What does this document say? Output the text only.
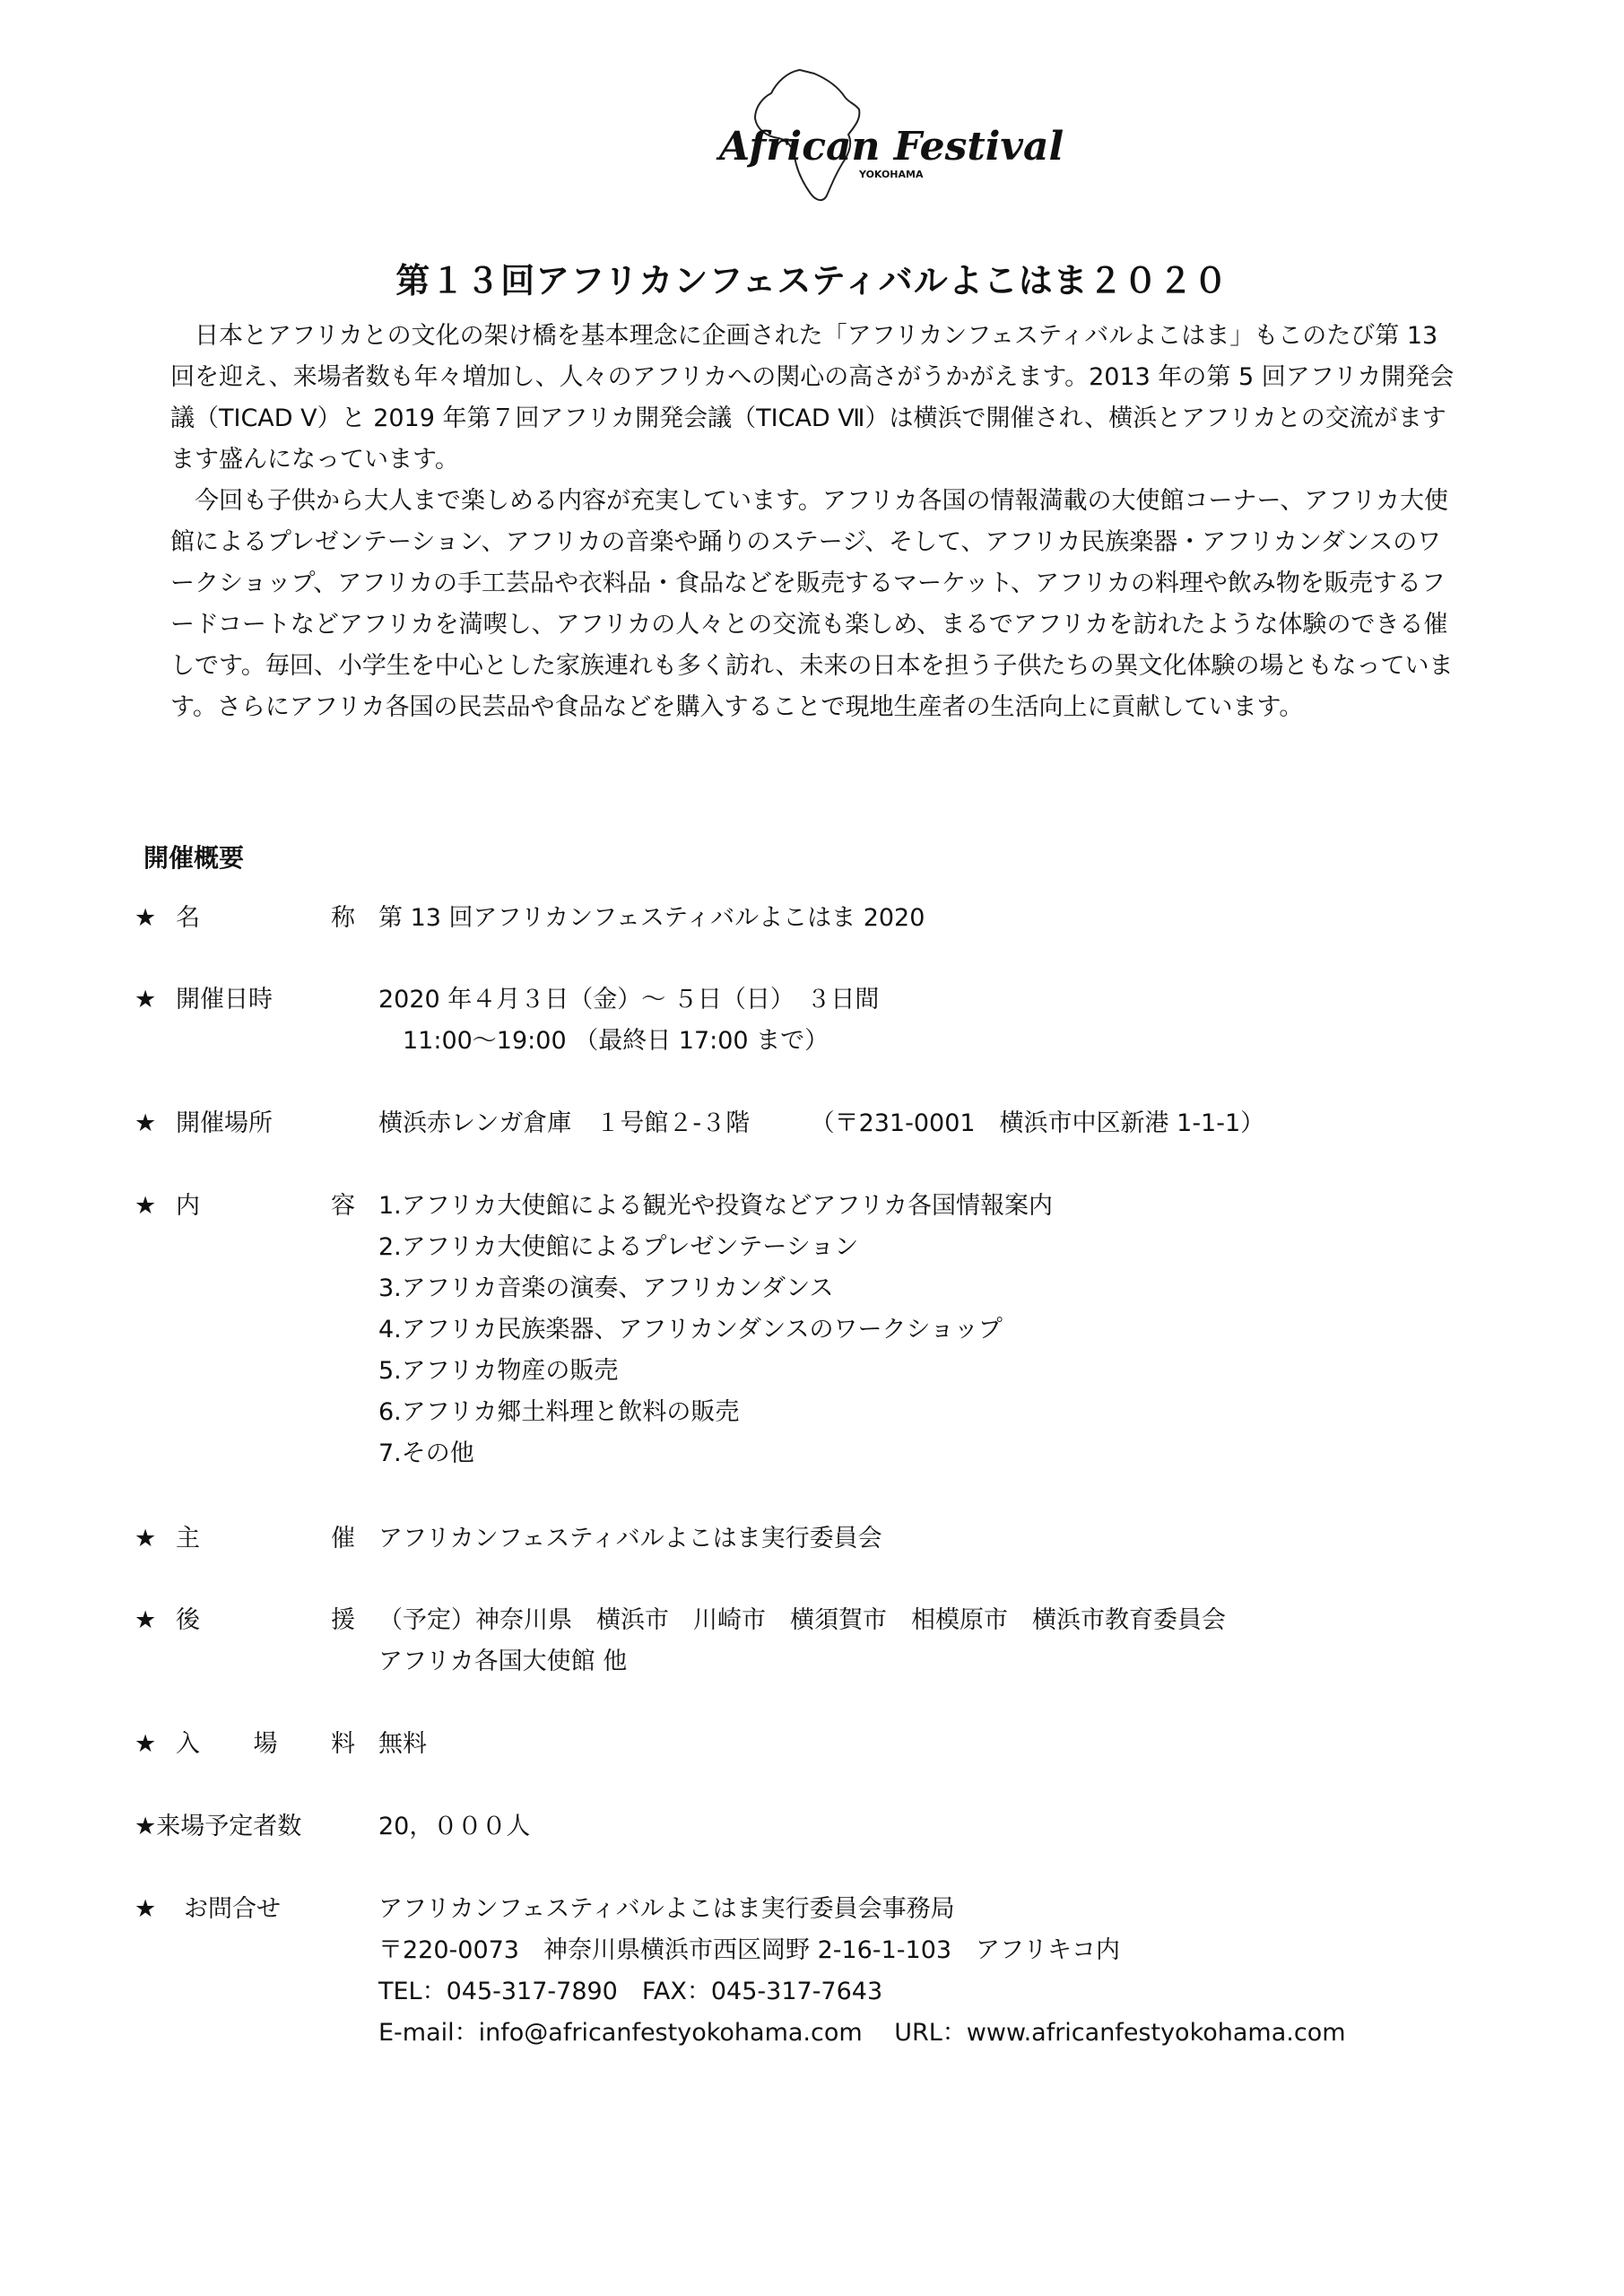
African Festival
YOKOHAMA
第１３回アフリカンフェスティバルよこはま２０２０

日本とアフリカとの文化の架け橋を基本理念に企画された「アフリカンフェスティバルよこはま」もこのたび第 13 回を迎え、来場者数も年々増加し、人々のアフリカへの関心の高さがうかがえます。2013 年の第 5 回アフリカ開発会議（TICAD Ⅴ）と 2019 年第７回アフリカ開発会議（TICAD Ⅶ）は横浜で開催され、横浜とアフリカとの交流がますます盛んになっています。

今回も子供から大人まで楽しめる内容が充実しています。アフリカ各国の情報満載の大使館コーナー、アフリカ大使館によるプレゼンテーション、アフリカの音楽や踊りのステージ、そして、アフリカ民族楽器・アフリカンダンスのワークショップ、アフリカの手工芸品や衣料品・食品などを販売するマーケット、アフリカの料理や飲み物を販売するフードコートなどアフリカを満喫し、アフリカの人々との交流も楽しめ、まるでアフリカを訪れたような体験のできる催しです。毎回、小学生を中心とした家族連れも多く訪れ、未来の日本を担う子供たちの異文化体験の場ともなっています。さらにアフリカ各国の民芸品や食品などを購入することで現地生産者の生活向上に貢献しています。

開催概要
★ 名	称 第 13 回アフリカンフェスティバルよこはま 2020
★ 開催日時	2020 年４月３日（金）～ ５日（日）　３日間
　11:00～19:00 （最終日 17:00 まで）
★ 開催場所	横浜赤レンガ倉庫　１号館２-３階　　　（〒231-0001　横浜市中区新港 1-1-1）
★ 内	容 1.アフリカ大使館による観光や投資などアフリカ各国情報案内
2.アフリカ大使館によるプレゼンテーション
3.アフリカ音楽の演奏、アフリカンダンス
4.アフリカ民族楽器、アフリカンダンスのワークショップ
5.アフリカ物産の販売
6.アフリカ郷土料理と飲料の販売
7.その他
★ 主	催 アフリカンフェスティバルよこはま実行委員会
★ 後	援 （予定）神奈川県　横浜市　川崎市　横須賀市　相模原市　横浜市教育委員会
アフリカ各国大使館 他
★ 入 場 料 無料
★来場予定者数	20，０００人
★ お問合せ	アフリカンフェスティバルよこはま実行委員会事務局
〒220-0073　神奈川県横浜市西区岡野 2-16-1-103　アフリキコ内
TEL：045-317-7890　FAX：045-317-7643
E-mail：info@africanfestyokohama.com　 URL：www.africanfestyokohama.com
